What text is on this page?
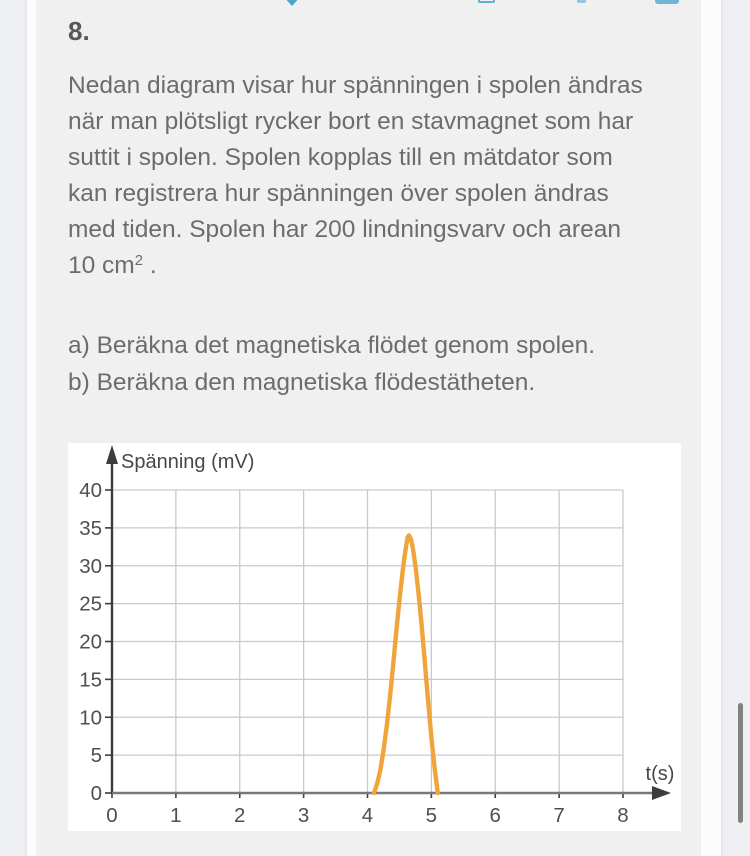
8.
Nedan diagram visar hur spänningen i spolen ändras
när man plötsligt rycker bort en stavmagnet som har
suttit i spolen. Spolen kopplas till en mätdator som
kan registrera hur spänningen över spolen ändras
med tiden. Spolen har 200 lindningsvarv och arean
10 $cm^2$ .
a) Beräkna det magnetiska flödet genom spolen.
b) Beräkna den magnetiska flödestätheten.
0
5
10
15
20
25
30
35
40
0	1	2	3	4	5	6	7	8
Spänning (mV)
t(s)
